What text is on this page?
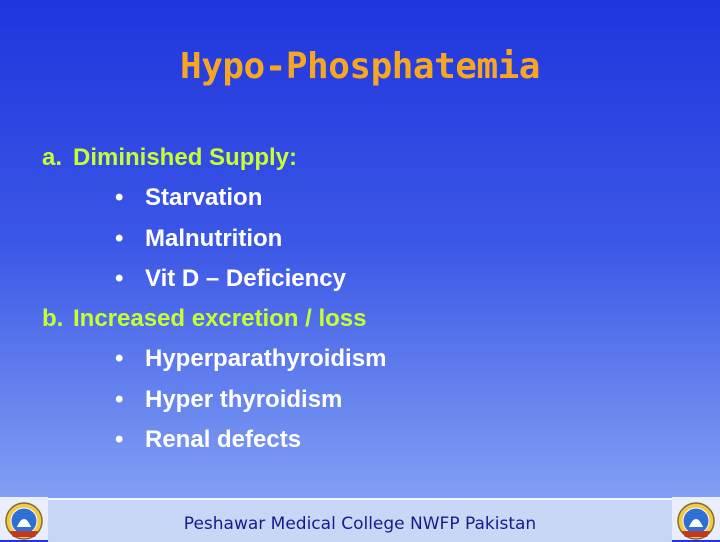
Hypo-Phosphatemia
a. Diminished Supply:
• Starvation
• Malnutrition
• Vit D – Deficiency
b. Increased excretion / loss
• Hyperparathyroidism
• Hyper thyroidism
• Renal defects
Peshawar Medical College NWFP Pakistan
